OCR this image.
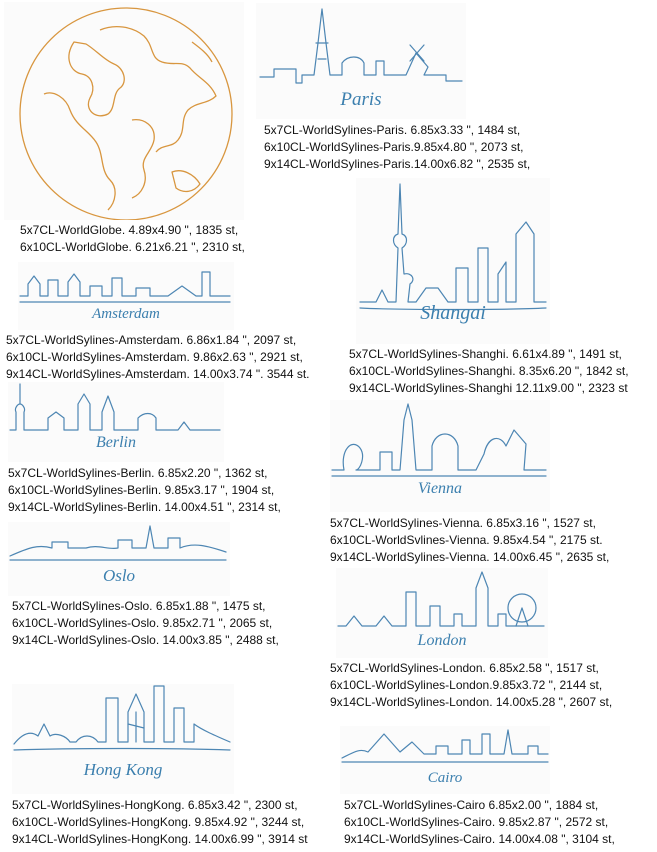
5x7CL-WorldGlobe. 4.89x4.90 ", 1835 st,
6x10CL-WorldGlobe. 6.21x6.21 ", 2310 st,
Paris
5x7CL-WorldSylines-Paris. 6.85x3.33 ", 1484 st,
6x10CL-WorldSylines-Paris.9.85x4.80 ", 2073 st,
9x14CL-WorldSylines-Paris.14.00x6.82 ", 2535 st,
Amsterdam
5x7CL-WorldSylines-Amsterdam. 6.86x1.84 ", 2097 st,
6x10CL-WorldSylines-Amsterdam. 9.86x2.63 ", 2921 st,
9x14CL-WorldSylines-Amsterdam. 14.00x3.74 ". 3544 st.
Shangai
5x7CL-WorldSylines-Shanghi. 6.61x4.89 ", 1491 st,
6x10CL-WorldSylines-Shanghi. 8.35x6.20 ", 1842 st,
9x14CL-WorldSylines-Shanghi 12.11x9.00 ", 2323 st
Berlin
5x7CL-WorldSylines-Berlin. 6.85x2.20 ", 1362 st,
6x10CL-WorldSylines-Berlin. 9.85x3.17 ", 1904 st,
9x14CL-WorldSylines-Berlin. 14.00x4.51 ", 2314 st,
Vienna
5x7CL-WorldSylines-Vienna. 6.85x3.16 ", 1527 st,
6x10CL-WorldSvlines-Vienna. 9.85x4.54 ", 2175 st.
9x14CL-WorldSylines-Vienna. 14.00x6.45 ", 2635 st,
Oslo
5x7CL-WorldSylines-Oslo. 6.85x1.88 ", 1475 st,
6x10CL-WorldSylines-Oslo. 9.85x2.71 ", 2065 st,
9x14CL-WorldSylines-Oslo. 14.00x3.85 ", 2488 st,	London
5x7CL-WorldSylines-London. 6.85x2.58 ", 1517 st,
6x10CL-WorldSylines-London.9.85x3.72 ", 2144 st,
9x14CL-WorldSylines-London. 14.00x5.28 ", 2607 st,
Hong Kong
5x7CL-WorldSylines-HongKong. 6.85x3.42 ", 2300 st,
6x10CL-WorldSylines-HongKong. 9.85x4.92 ", 3244 st,
9x14CL-WorldSylines-HongKong. 14.00x6.99 ", 3914 st
Cairo
5x7CL-WorldSylines-Cairo 6.85x2.00 ", 1884 st,
6x10CL-WorldSylines-Cairo. 9.85x2.87 ", 2572 st,
9x14CL-WorldSylines-Cairo. 14.00x4.08 ", 3104 st,
